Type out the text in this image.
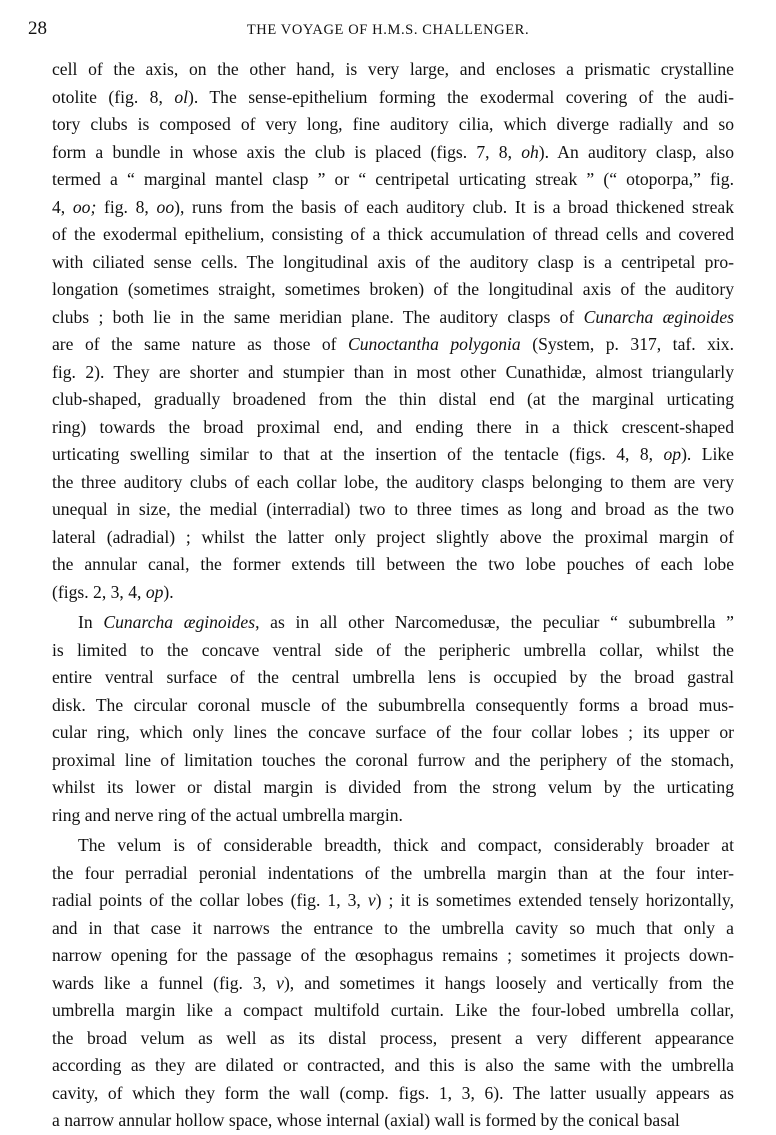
28	THE VOYAGE OF H.M.S. CHALLENGER.
cell of the axis, on the other hand, is very large, and encloses a prismatic crystalline
otolite (fig. 8, ol). The sense-epithelium forming the exodermal covering of the audi-
tory clubs is composed of very long, fine auditory cilia, which diverge radially and so
form a bundle in whose axis the club is placed (figs. 7, 8, oh). An auditory clasp, also
termed a “ marginal mantel clasp ” or “ centripetal urticating streak ” (“ otoporpa,” fig.
4, oo; fig. 8, oo), runs from the basis of each auditory club. It is a broad thickened streak
of the exodermal epithelium, consisting of a thick accumulation of thread cells and covered
with ciliated sense cells. The longitudinal axis of the auditory clasp is a centripetal pro-
longation (sometimes straight, sometimes broken) of the longitudinal axis of the auditory
clubs ; both lie in the same meridian plane. The auditory clasps of Cunarcha æginoides
are of the same nature as those of Cunoctantha polygonia (System, p. 317, taf. xix.
fig. 2). They are shorter and stumpier than in most other Cunathidæ, almost triangularly
club-shaped, gradually broadened from the thin distal end (at the marginal urticating
ring) towards the broad proximal end, and ending there in a thick crescent-shaped
urticating swelling similar to that at the insertion of the tentacle (figs. 4, 8, op). Like
the three auditory clubs of each collar lobe, the auditory clasps belonging to them are very
unequal in size, the medial (interradial) two to three times as long and broad as the two
lateral (adradial) ; whilst the latter only project slightly above the proximal margin of
the annular canal, the former extends till between the two lobe pouches of each lobe
(figs. 2, 3, 4, op).
In Cunarcha æginoides, as in all other Narcomedusæ, the peculiar “ subumbrella ”
is limited to the concave ventral side of the peripheric umbrella collar, whilst the
entire ventral surface of the central umbrella lens is occupied by the broad gastral
disk. The circular coronal muscle of the subumbrella consequently forms a broad mus-
cular ring, which only lines the concave surface of the four collar lobes ; its upper or
proximal line of limitation touches the coronal furrow and the periphery of the stomach,
whilst its lower or distal margin is divided from the strong velum by the urticating
ring and nerve ring of the actual umbrella margin.
The velum is of considerable breadth, thick and compact, considerably broader at
the four perradial peronial indentations of the umbrella margin than at the four inter-
radial points of the collar lobes (fig. 1, 3, v) ; it is sometimes extended tensely horizontally,
and in that case it narrows the entrance to the umbrella cavity so much that only a
narrow opening for the passage of the œsophagus remains ; sometimes it projects down-
wards like a funnel (fig. 3, v), and sometimes it hangs loosely and vertically from the
umbrella margin like a compact multifold curtain. Like the four-lobed umbrella collar,
the broad velum as well as its distal process, present a very different appearance
according as they are dilated or contracted, and this is also the same with the umbrella
cavity, of which they form the wall (comp. figs. 1, 3, 6). The latter usually appears as
a narrow annular hollow space, whose internal (axial) wall is formed by the conical basal
